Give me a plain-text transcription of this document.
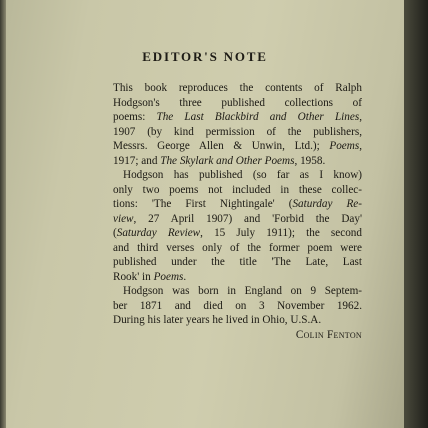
EDITOR'S NOTE
This book reproduces the contents of Ralph
Hodgson's three published collections of
poems: The Last Blackbird and Other Lines,
1907 (by kind permission of the publishers,
Messrs. George Allen & Unwin, Ltd.); Poems,
1917; and The Skylark and Other Poems, 1958.
Hodgson has published (so far as I know)
only two poems not included in these collec-
tions: 'The First Nightingale' (Saturday Re-
view, 27 April 1907) and 'Forbid the Day'
(Saturday Review, 15 July 1911); the second
and third verses only of the former poem were
published under the title 'The Late, Last
Rook' in Poems.
Hodgson was born in England on 9 Septem-
ber 1871 and died on 3 November 1962.
During his later years he lived in Ohio, U.S.A.
Colin Fenton
